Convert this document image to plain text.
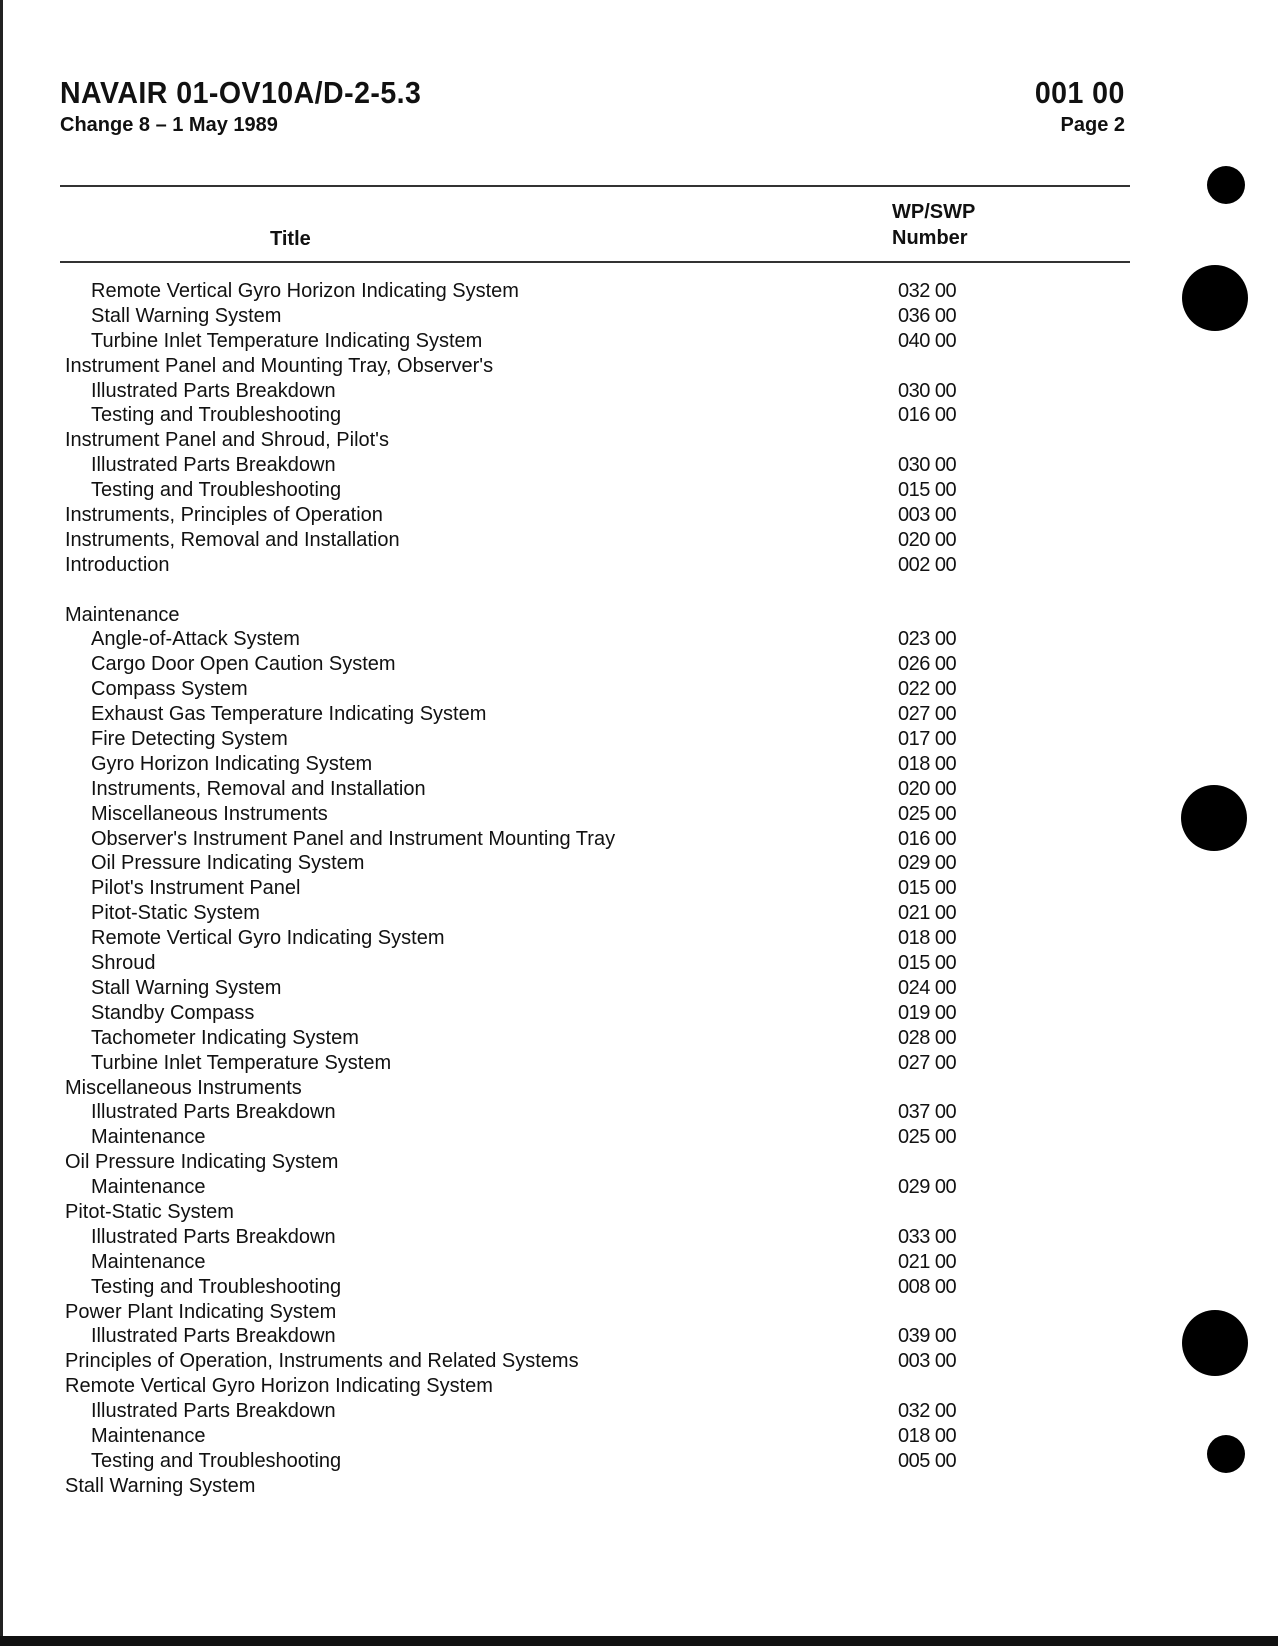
NAVAIR 01-OV10A/D-2-5.3
Change 8 – 1 May 1989
001 00
Page 2
Title
WP/SWP
Number
Remote Vertical Gyro Horizon Indicating System	032 00
Stall Warning System	036 00
Turbine Inlet Temperature Indicating System	040 00
Instrument Panel and Mounting Tray, Observer's
Illustrated Parts Breakdown	030 00
Testing and Troubleshooting	016 00
Instrument Panel and Shroud, Pilot's
Illustrated Parts Breakdown	030 00
Testing and Troubleshooting	015 00
Instruments, Principles of Operation	003 00
Instruments, Removal and Installation	020 00
Introduction	002 00
Maintenance
Angle-of-Attack System	023 00
Cargo Door Open Caution System	026 00
Compass System	022 00
Exhaust Gas Temperature Indicating System	027 00
Fire Detecting System	017 00
Gyro Horizon Indicating System	018 00
Instruments, Removal and Installation	020 00
Miscellaneous Instruments	025 00
Observer's Instrument Panel and Instrument Mounting Tray	016 00
Oil Pressure Indicating System	029 00
Pilot's Instrument Panel	015 00
Pitot-Static System	021 00
Remote Vertical Gyro Indicating System	018 00
Shroud	015 00
Stall Warning System	024 00
Standby Compass	019 00
Tachometer Indicating System	028 00
Turbine Inlet Temperature System	027 00
Miscellaneous Instruments
Illustrated Parts Breakdown	037 00
Maintenance	025 00
Oil Pressure Indicating System
Maintenance	029 00
Pitot-Static System
Illustrated Parts Breakdown	033 00
Maintenance	021 00
Testing and Troubleshooting	008 00
Power Plant Indicating System
Illustrated Parts Breakdown	039 00
Principles of Operation, Instruments and Related Systems	003 00
Remote Vertical Gyro Horizon Indicating System
Illustrated Parts Breakdown	032 00
Maintenance	018 00
Testing and Troubleshooting	005 00
Stall Warning System
